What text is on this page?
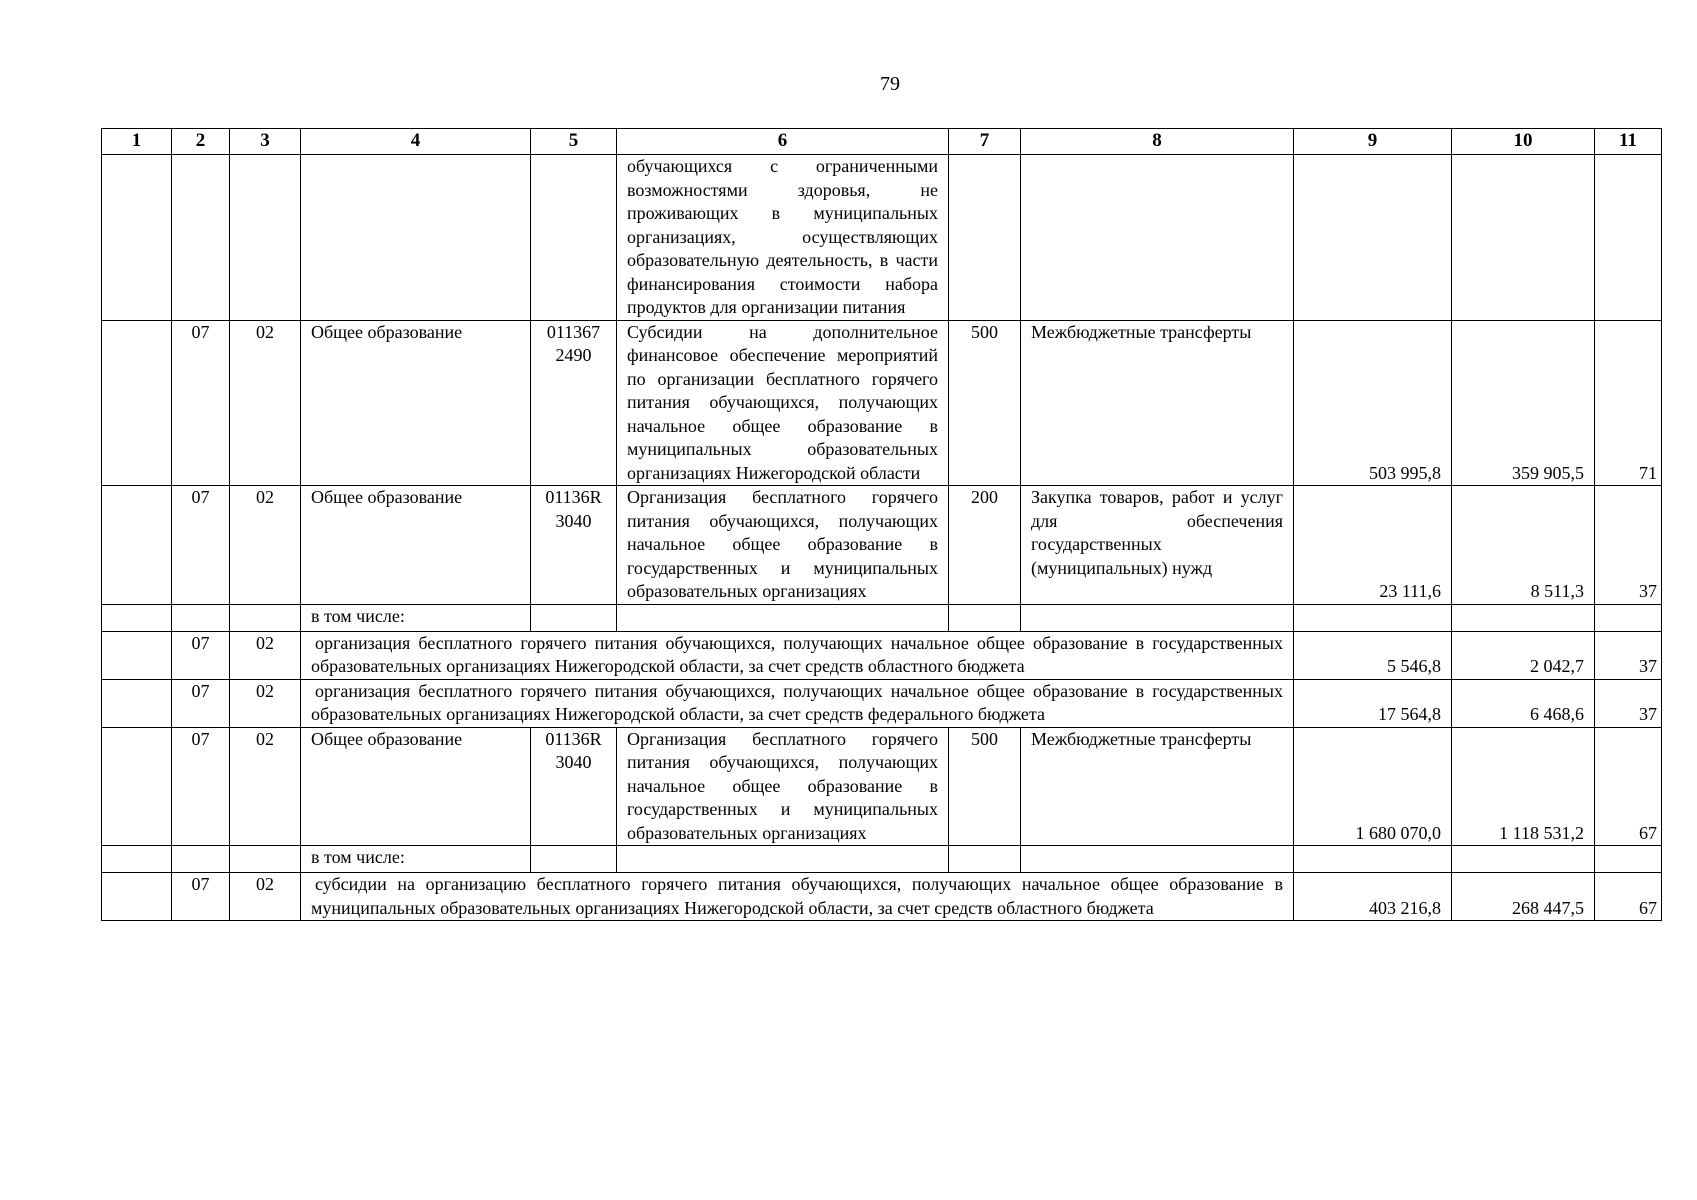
79
1	2	3	4	5	6	7	8	9	10	11
					обучающихся с ограниченными возможностями здоровья, не проживающих в муниципальных организациях, осуществляющих образовательную деятельность, в части финансирования стоимости набора продуктов для организации питания					
	07	02	Общее образование	011367 2490	Субсидии на дополнительное финансовое обеспечение мероприятий по организации бесплатного горячего питания обучающихся, получающих начальное общее образование в муниципальных образовательных организациях Нижегородской области	500	Межбюджетные трансферты	503 995,8	359 905,5	71
	07	02	Общее образование	01136R 3040	Организация бесплатного горячего питания обучающихся, получающих начальное общее образование в государственных и муниципальных образовательных организациях	200	Закупка товаров, работ и услуг для обеспечения государственных (муниципальных) нужд	23 111,6	8 511,3	37
			в том числе:							
	07	02	организация бесплатного горячего питания обучающихся, получающих начальное общее образование в государственных образовательных организациях Нижегородской области, за счет средств областного бюджета					5 546,8	2 042,7	37
	07	02	организация бесплатного горячего питания обучающихся, получающих начальное общее образование в государственных образовательных организациях Нижегородской области, за счет средств федерального бюджета					17 564,8	6 468,6	37
	07	02	Общее образование	01136R 3040	Организация бесплатного горячего питания обучающихся, получающих начальное общее образование в государственных и муниципальных образовательных организациях	500	Межбюджетные трансферты	1 680 070,0	1 118 531,2	67
			в том числе:							
	07	02	субсидии на организацию бесплатного горячего питания обучающихся, получающих начальное общее образование в муниципальных образовательных организациях Нижегородской области, за счет средств областного бюджета					403 216,8	268 447,5	67
